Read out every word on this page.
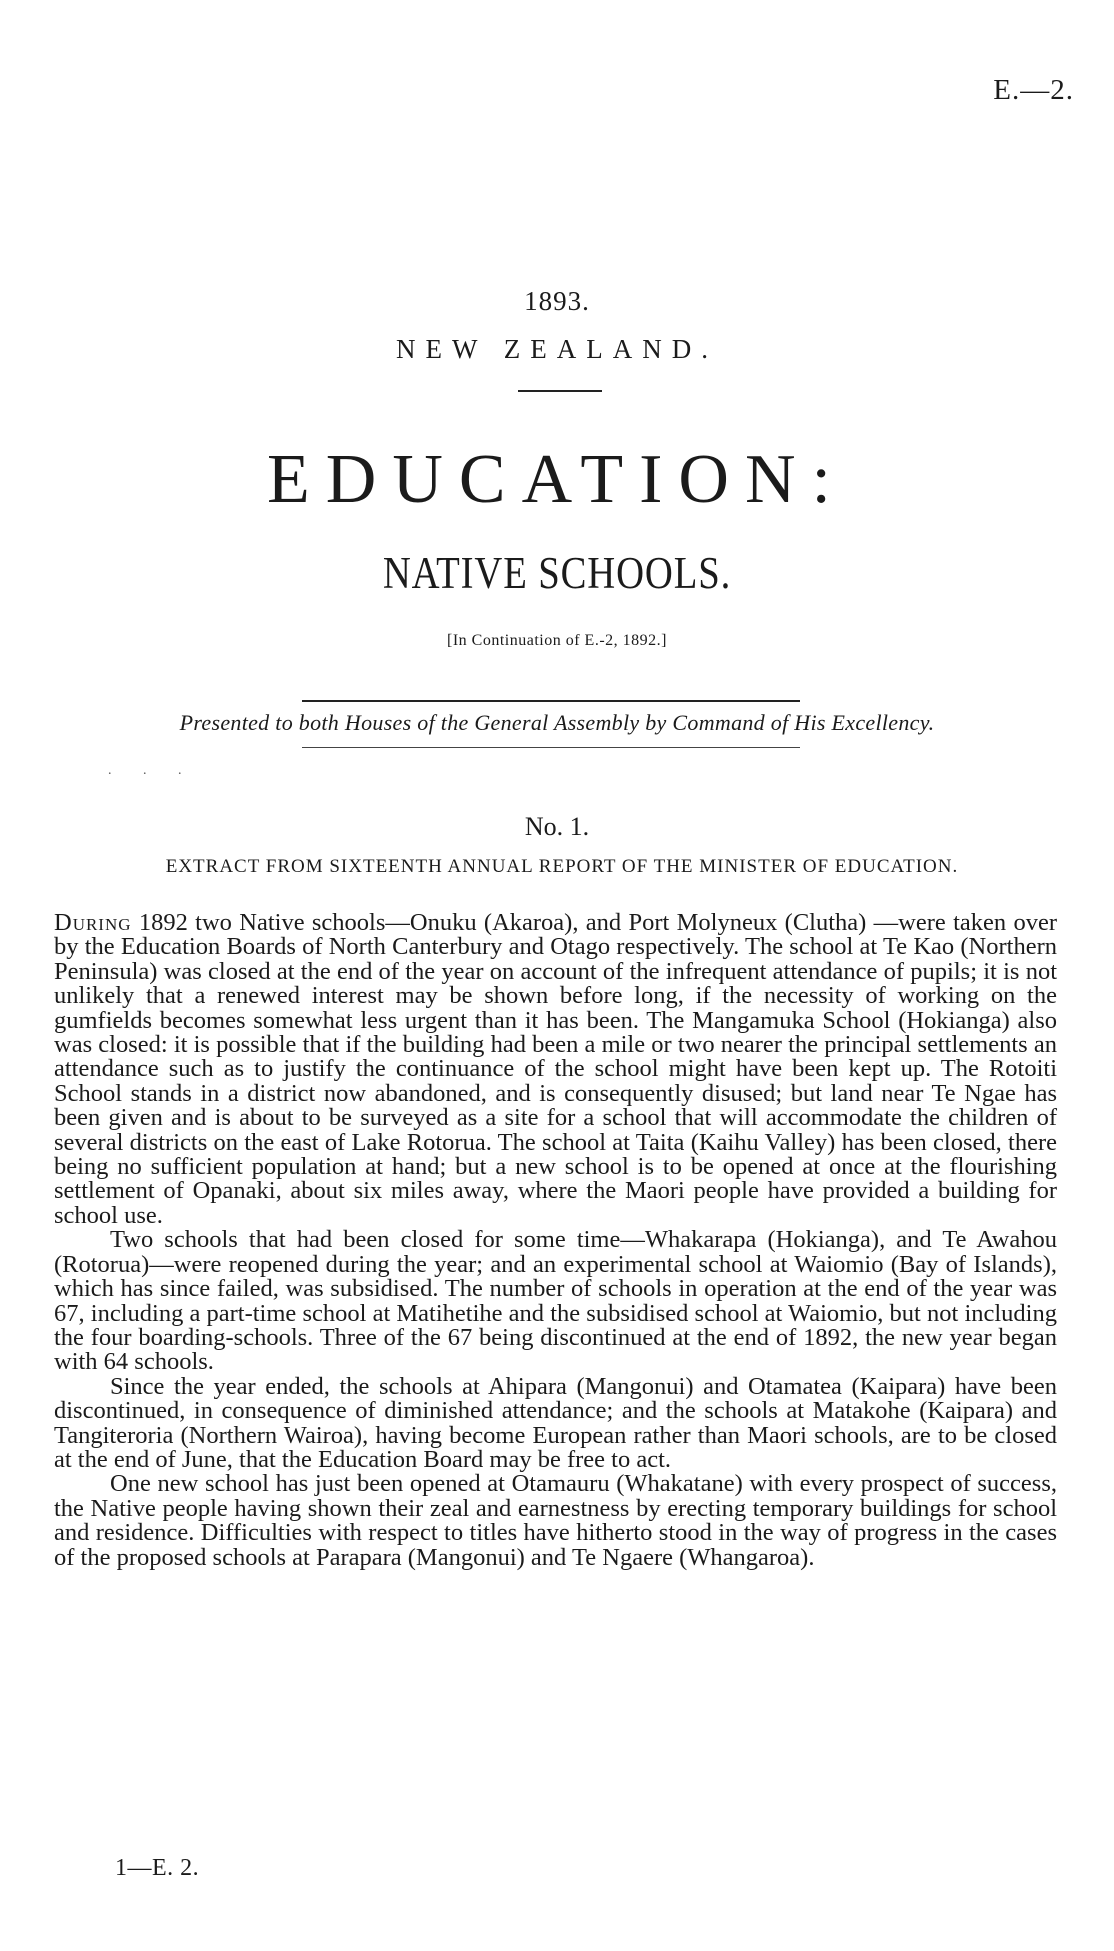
E.—2.
1893.
NEW ZEALAND.
EDUCATION:
NATIVE SCHOOLS.
[In Continuation of E.-2, 1892.]
Presented to both Houses of the General Assembly by Command of His Excellency.
. . .
No. 1.
EXTRACT FROM SIXTEENTH ANNUAL REPORT OF THE MINISTER OF EDUCATION.

During 1892 two Native schools—Onuku (Akaroa), and Port Molyneux (Clutha) —were taken over by the Education Boards of North Canterbury and Otago respectively. The school at Te Kao (Northern Peninsula) was closed at the end of the year on account of the infrequent attendance of pupils; it is not unlikely that a renewed interest may be shown before long, if the necessity of working on the gumfields becomes somewhat less urgent than it has been. The Mangamuka School (Hokianga) also was closed: it is possible that if the building had been a mile or two nearer the principal settlements an attendance such as to justify the continuance of the school might have been kept up. The Rotoiti School stands in a district now abandoned, and is consequently disused; but land near Te Ngae has been given and is about to be surveyed as a site for a school that will accommodate the children of several districts on the east of Lake Rotorua. The school at Taita (Kaihu Valley) has been closed, there being no sufficient population at hand; but a new school is to be opened at once at the flourishing settlement of Opanaki, about six miles away, where the Maori people have provided a building for school use.

Two schools that had been closed for some time—Whakarapa (Hokianga), and Te Awahou (Rotorua)—were reopened during the year; and an experimental school at Waiomio (Bay of Islands), which has since failed, was subsidised. The number of schools in operation at the end of the year was 67, including a part-time school at Matihetihe and the subsidised school at Waiomio, but not including the four boarding-schools. Three of the 67 being discontinued at the end of 1892, the new year began with 64 schools.

Since the year ended, the schools at Ahipara (Mangonui) and Otamatea (Kaipara) have been discontinued, in consequence of diminished attendance; and the schools at Matakohe (Kaipara) and Tangiteroria (Northern Wairoa), having become European rather than Maori schools, are to be closed at the end of June, that the Education Board may be free to act.

One new school has just been opened at Otamauru (Whakatane) with every prospect of success, the Native people having shown their zeal and earnestness by erecting temporary buildings for school and residence. Difficulties with respect to titles have hitherto stood in the way of progress in the cases of the proposed schools at Parapara (Mangonui) and Te Ngaere (Whangaroa).

1—E. 2.
